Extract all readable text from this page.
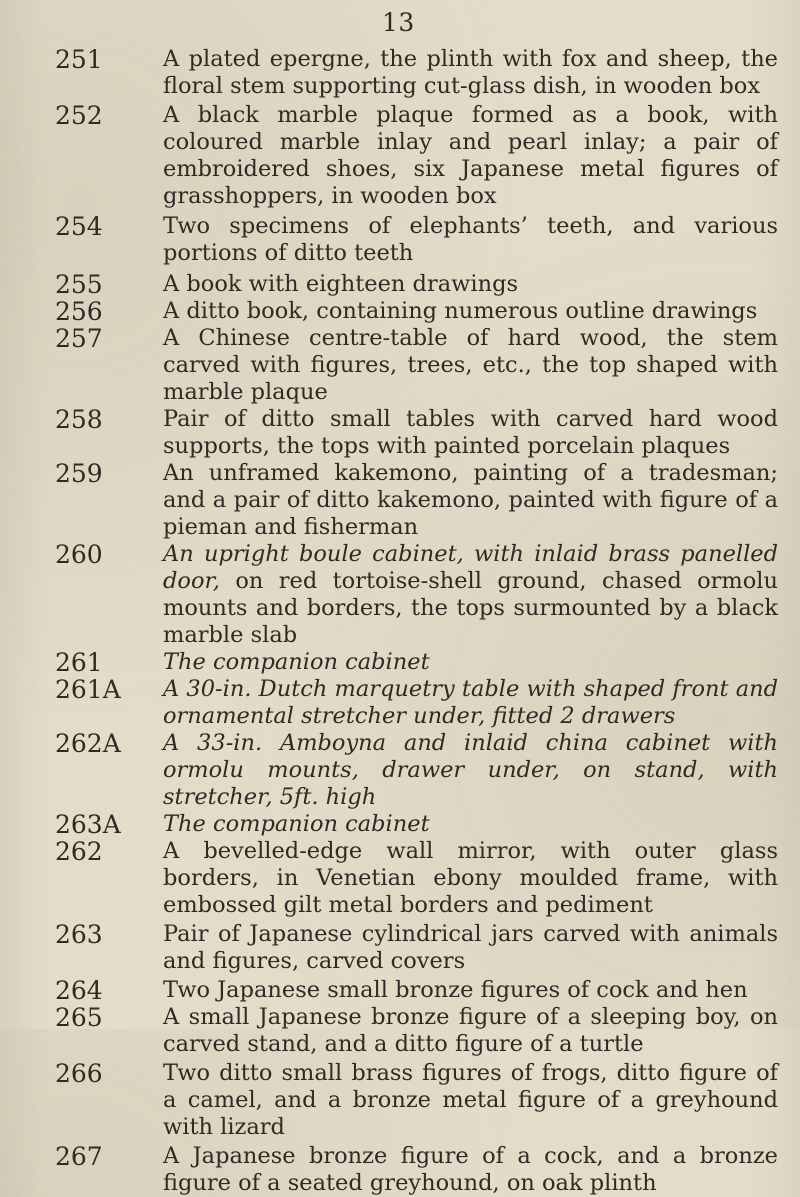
13
251	A plated epergne, the plinth with fox and sheep, the floral stem supporting cut-glass dish, in wooden box
252	A black marble plaque formed as a book, with coloured marble inlay and pearl inlay; a pair of embroidered shoes, six Japanese metal figures of grasshoppers, in wooden box
254	Two specimens of elephants’ teeth, and various portions of ditto teeth
255	A book with eighteen drawings
256	A ditto book, containing numerous outline drawings
257	A Chinese centre-table of hard wood, the stem carved with figures, trees, etc., the top shaped with marble plaque
258	Pair of ditto small tables with carved hard wood supports, the tops with painted porcelain plaques
259	An unframed kakemono, painting of a tradesman; and a pair of ditto kakemono, painted with figure of a pieman and fisherman
260	An upright boule cabinet, with inlaid brass panelled door, on red tortoise-shell ground, chased ormolu mounts and borders, the tops surmounted by a black marble slab
261	The companion cabinet
261A	A 30-in. Dutch marquetry table with shaped front and ornamental stretcher under, fitted 2 drawers
262A	A 33-in. Amboyna and inlaid china cabinet with ormolu mounts, drawer under, on stand, with stretcher, 5ft. high
263A	The companion cabinet
262	A bevelled-edge wall mirror, with outer glass borders, in Venetian ebony moulded frame, with embossed gilt metal borders and pediment
263	Pair of Japanese cylindrical jars carved with animals and figures, carved covers
264	Two Japanese small bronze figures of cock and hen
265	A small Japanese bronze figure of a sleeping boy, on carved stand, and a ditto figure of a turtle
266	Two ditto small brass figures of frogs, ditto figure of a camel, and a bronze metal figure of a greyhound with lizard
267	A Japanese bronze figure of a cock, and a bronze figure of a seated greyhound, on oak plinth
